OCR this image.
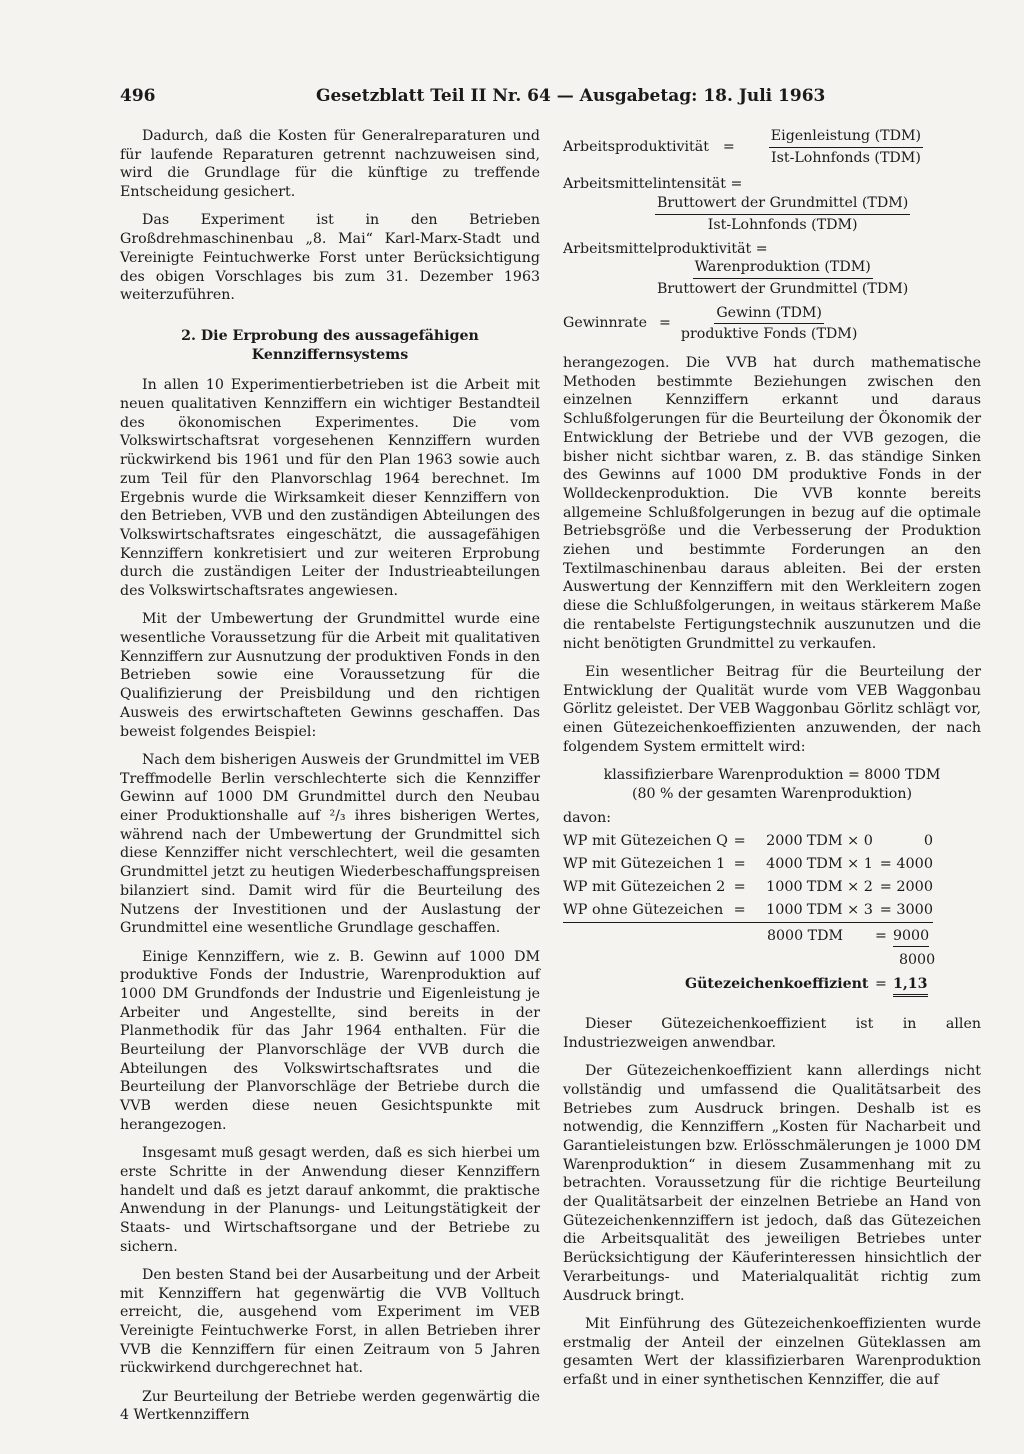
496	Gesetzblatt Teil II Nr. 64 — Ausgabetag: 18. Juli 1963

Dadurch, daß die Kosten für Generalreparaturen und für laufende Reparaturen getrennt nachzuweisen sind, wird die Grundlage für die künftige zu treffende Entscheidung gesichert.

Das Experiment ist in den Betrieben Großdrehmaschinenbau „8. Mai“ Karl-Marx-Stadt und Vereinigte Feintuchwerke Forst unter Berücksichtigung des obigen Vorschlages bis zum 31. Dezember 1963 weiterzuführen.

2. Die Erprobung des aussagefähigen
Kennziffernsystems

In allen 10 Experimentierbetrieben ist die Arbeit mit neuen qualitativen Kennziffern ein wichtiger Bestandteil des ökonomischen Experimentes. Die vom Volkswirtschaftsrat vorgesehenen Kennziffern wurden rückwirkend bis 1961 und für den Plan 1963 sowie auch zum Teil für den Planvorschlag 1964 berechnet. Im Ergebnis wurde die Wirksamkeit dieser Kennziffern von den Betrieben, VVB und den zuständigen Abteilungen des Volkswirtschaftsrates eingeschätzt, die aussagefähigen Kennziffern konkretisiert und zur weiteren Erprobung durch die zuständigen Leiter der Industrieabteilungen des Volkswirtschaftsrates angewiesen.

Mit der Umbewertung der Grundmittel wurde eine wesentliche Voraussetzung für die Arbeit mit qualitativen Kennziffern zur Ausnutzung der produktiven Fonds in den Betrieben sowie eine Voraussetzung für die Qualifizierung der Preisbildung und den richtigen Ausweis des erwirtschafteten Gewinns geschaffen. Das beweist folgendes Beispiel:

Nach dem bisherigen Ausweis der Grundmittel im VEB Treffmodelle Berlin verschlechterte sich die Kennziffer Gewinn auf 1000 DM Grundmittel durch den Neubau einer Produktionshalle auf ²/₃ ihres bisherigen Wertes, während nach der Umbewertung der Grundmittel sich diese Kennziffer nicht verschlechtert, weil die gesamten Grundmittel jetzt zu heutigen Wiederbeschaffungspreisen bilanziert sind. Damit wird für die Beurteilung des Nutzens der Investitionen und der Auslastung der Grundmittel eine wesentliche Grundlage geschaffen.

Einige Kennziffern, wie z. B. Gewinn auf 1000 DM produktive Fonds der Industrie, Warenproduktion auf 1000 DM Grundfonds der Industrie und Eigenleistung je Arbeiter und Angestellte, sind bereits in der Planmethodik für das Jahr 1964 enthalten. Für die Beurteilung der Planvorschläge der VVB durch die Abteilungen des Volkswirtschaftsrates und die Beurteilung der Planvorschläge der Betriebe durch die VVB werden diese neuen Gesichtspunkte mit herangezogen.

Insgesamt muß gesagt werden, daß es sich hierbei um erste Schritte in der Anwendung dieser Kennziffern handelt und daß es jetzt darauf ankommt, die praktische Anwendung in der Planungs- und Leitungstätigkeit der Staats- und Wirtschaftsorgane und der Betriebe zu sichern.

Den besten Stand bei der Ausarbeitung und der Arbeit mit Kennziffern hat gegenwärtig die VVB Volltuch erreicht, die, ausgehend vom Experiment im VEB Vereinigte Feintuchwerke Forst, in allen Betrieben ihrer VVB die Kennziffern für einen Zeitraum von 5 Jahren rückwirkend durchgerechnet hat.

Zur Beurteilung der Betriebe werden gegenwärtig die 4 Wertkennziffern

Arbeitsproduktivität = $\frac{\text{Eigenleistung (TDM)}}{\text{Ist-Lohnfonds (TDM)}}$
Arbeitsmittelintensität =
$\frac{\text{Bruttowert der Grundmittel (TDM)}}{\text{Ist-Lohnfonds (TDM)}}$
Arbeitsmittelproduktivität =
$\frac{\text{Warenproduktion (TDM)}}{\text{Bruttowert der Grundmittel (TDM)}}$
Gewinnrate = $\frac{\text{Gewinn (TDM)}}{\text{produktive Fonds (TDM)}}$

herangezogen. Die VVB hat durch mathematische Methoden bestimmte Beziehungen zwischen den einzelnen Kennziffern erkannt und daraus Schlußfolgerungen für die Beurteilung der Ökonomik der Entwicklung der Betriebe und der VVB gezogen, die bisher nicht sichtbar waren, z. B. das ständige Sinken des Gewinns auf 1000 DM produktive Fonds in der Wolldeckenproduktion. Die VVB konnte bereits allgemeine Schlußfolgerungen in bezug auf die optimale Betriebsgröße und die Verbesserung der Produktion ziehen und bestimmte Forderungen an den Textilmaschinenbau daraus ableiten. Bei der ersten Auswertung der Kennziffern mit den Werkleitern zogen diese die Schlußfolgerungen, in weitaus stärkerem Maße die rentabelste Fertigungstechnik auszunutzen und die nicht benötigten Grundmittel zu verkaufen.

Ein wesentlicher Beitrag für die Beurteilung der Entwicklung der Qualität wurde vom VEB Waggonbau Görlitz geleistet. Der VEB Waggonbau Görlitz schlägt vor, einen Gütezeichenkoeffizienten anzuwenden, der nach folgendem System ermittelt wird:

klassifizierbare Warenproduktion = 8000 TDM
(80 % der gesamten Warenproduktion)
davon:
WP mit Gütezeichen Q	=	2000	TDM × 0	0
WP mit Gütezeichen 1	=	4000	TDM × 1	= 4000
WP mit Gütezeichen 2	=	1000	TDM × 2	= 2000
WP ohne Gütezeichen	=	1000	TDM × 3	= 3000
8000 TDM = 9000
8000
Gütezeichenkoeffizient = 1,13

Dieser Gütezeichenkoeffizient ist in allen Industriezweigen anwendbar.

Der Gütezeichenkoeffizient kann allerdings nicht vollständig und umfassend die Qualitätsarbeit des Betriebes zum Ausdruck bringen. Deshalb ist es notwendig, die Kennziffern „Kosten für Nacharbeit und Garantieleistungen bzw. Erlösschmälerungen je 1000 DM Warenproduktion“ in diesem Zusammenhang mit zu betrachten. Voraussetzung für die richtige Beurteilung der Qualitätsarbeit der einzelnen Betriebe an Hand von Gütezeichenkennziffern ist jedoch, daß das Gütezeichen die Arbeitsqualität des jeweiligen Betriebes unter Berücksichtigung der Käuferinteressen hinsichtlich der Verarbeitungs- und Materialqualität richtig zum Ausdruck bringt.

Mit Einführung des Gütezeichenkoeffizienten wurde erstmalig der Anteil der einzelnen Güteklassen am gesamten Wert der klassifizierbaren Warenproduktion erfaßt und in einer synthetischen Kennziffer, die auf
